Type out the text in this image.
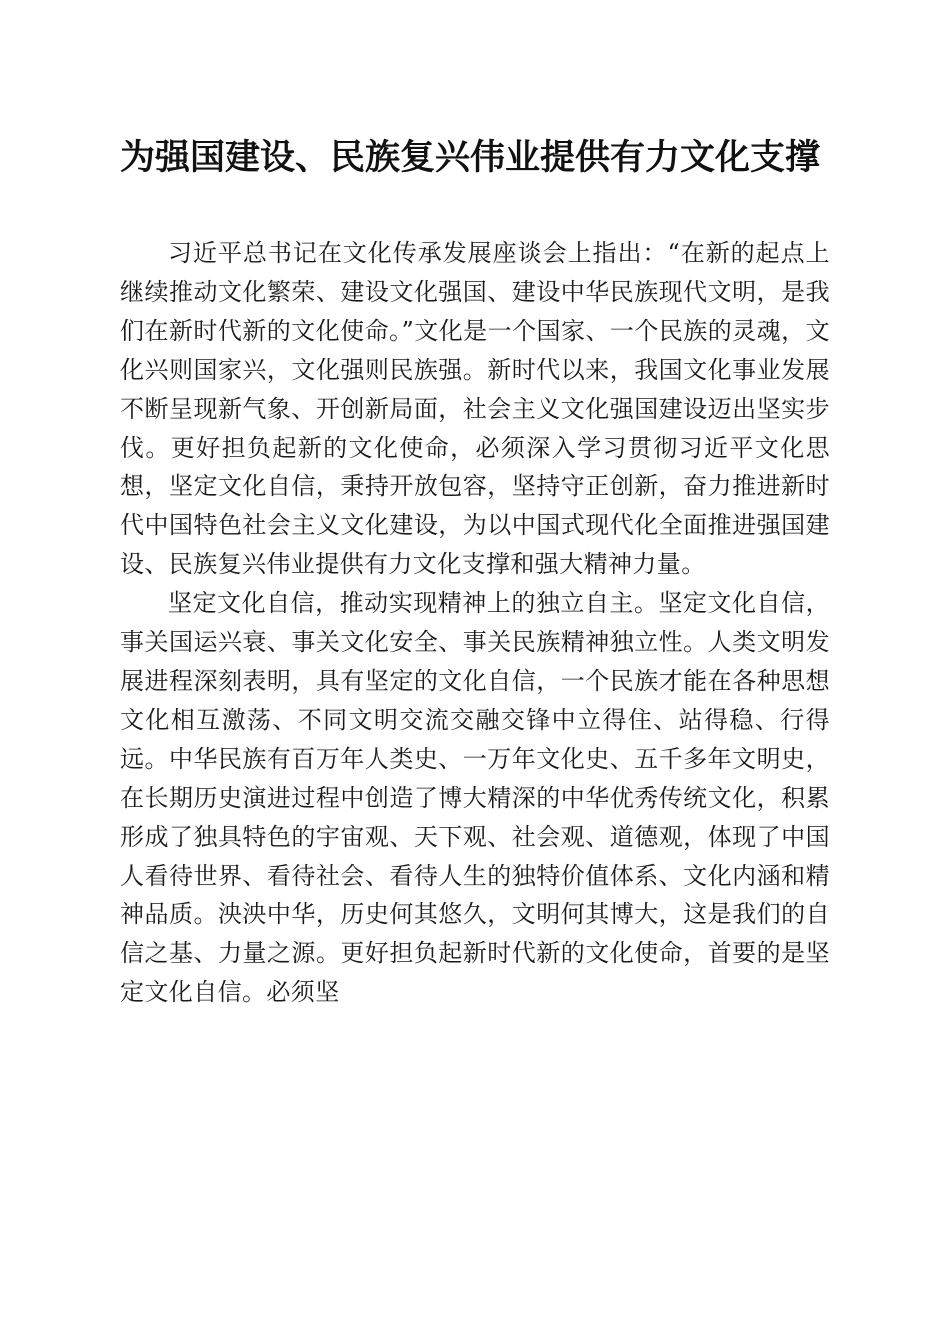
为强国建设、民族复兴伟业提供有力文化支撑

习近平总书记在文化传承发展座谈会上指出：“在新的起点上继续推动文化繁荣、建设文化强国、建设中华民族现代文明，是我们在新时代新的文化使命。”文化是一个国家、一个民族的灵魂，文化兴则国家兴，文化强则民族强。新时代以来，我国文化事业发展不断呈现新气象、开创新局面，社会主义文化强国建设迈出坚实步伐。更好担负起新的文化使命，必须深入学习贯彻习近平文化思想，坚定文化自信，秉持开放包容，坚持守正创新，奋力推进新时代中国特色社会主义文化建设，为以中国式现代化全面推进强国建设、民族复兴伟业提供有力文化支撑和强大精神力量。

坚定文化自信，推动实现精神上的独立自主。坚定文化自信，事关国运兴衰、事关文化安全、事关民族精神独立性。人类文明发展进程深刻表明，具有坚定的文化自信，一个民族才能在各种思想文化相互激荡、不同文明交流交融交锋中立得住、站得稳、行得远。中华民族有百万年人类史、一万年文化史、五千多年文明史，在长期历史演进过程中创造了博大精深的中华优秀传统文化，积累形成了独具特色的宇宙观、天下观、社会观、道德观，体现了中国人看待世界、看待社会、看待人生的独特价值体系、文化内涵和精神品质。泱泱中华，历史何其悠久，文明何其博大，这是我们的自信之基、力量之源。更好担负起新时代新的文化使命，首要的是坚定文化自信。必须坚
